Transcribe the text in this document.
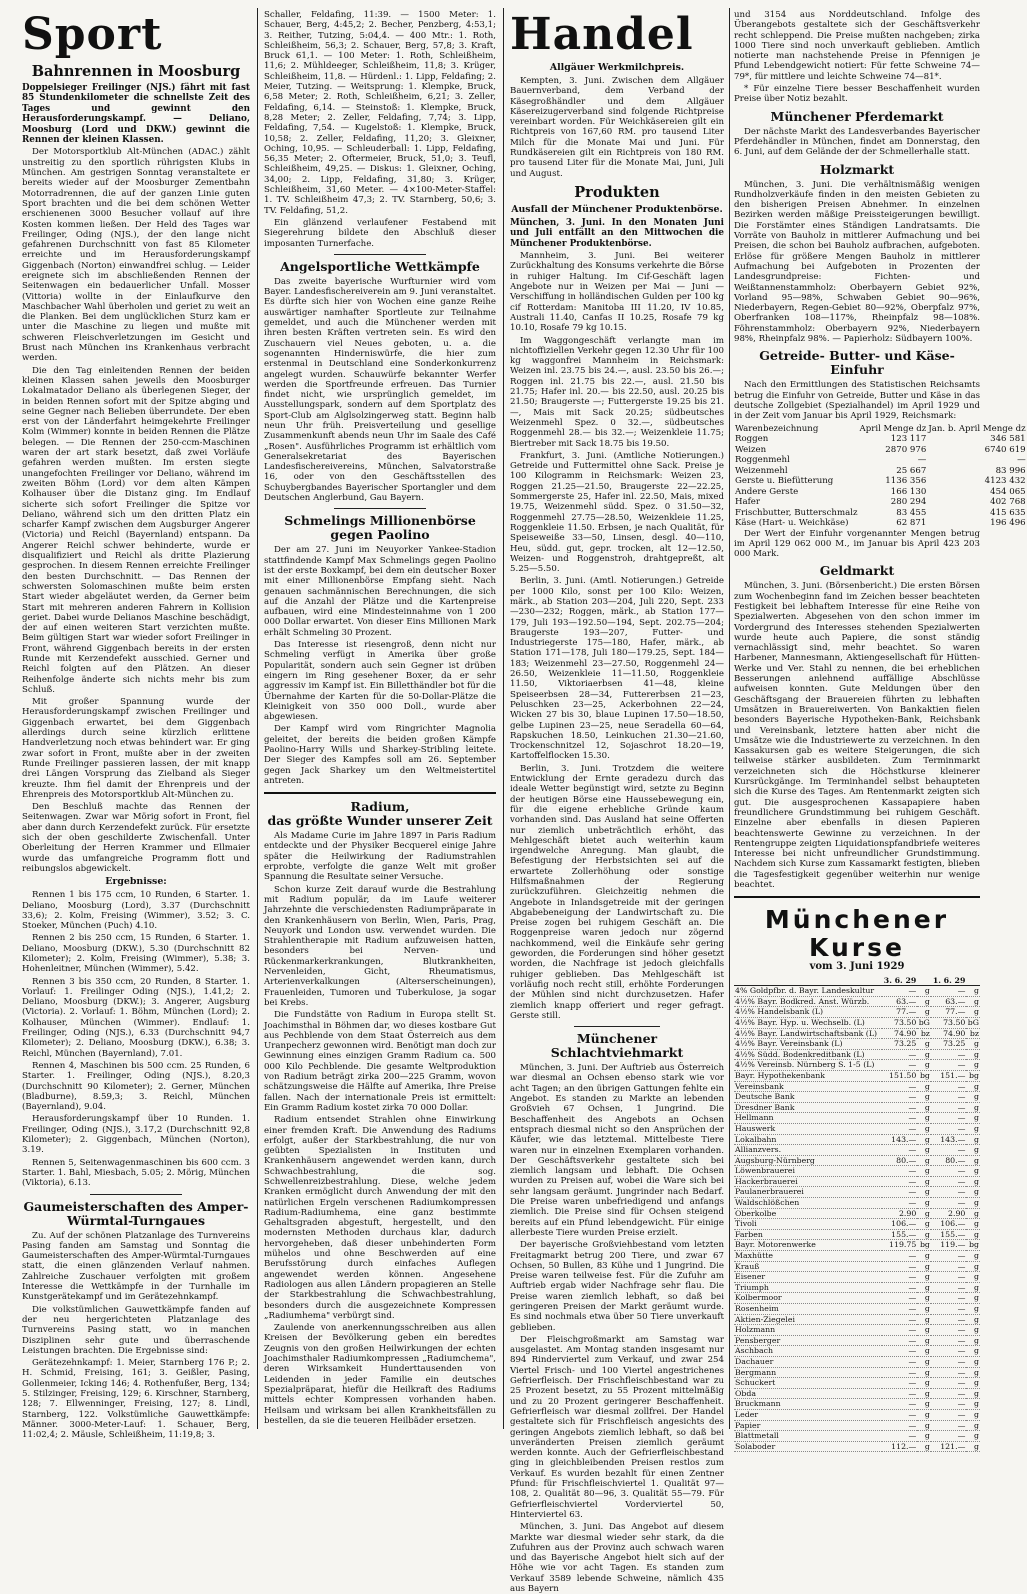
Sport
Bahnrennen in Moosburg
Doppelsieger Freilinger (NJS.) fährt mit fast 85 Stundenkilometer die schnellste Zeit des Tages und gewinnt den Herausforderungskampf. — Deliano, Moosburg (Lord und DKW.) gewinnt die Rennen der kleinen Klassen.

Der Motorsportklub Alt-München (ADAC.) zählt unstreitig zu den sportlich rührigsten Klubs in München. Am gestrigen Sonntag veranstaltete er bereits wieder auf der Moosburger Zementbahn Motorradrennen, die auf der ganzen Linie guten Sport brachten und die bei dem schönen Wetter erschienenen 3000 Besucher vollauf auf ihre Kosten kommen ließen. Der Held des Tages war Freilinger, Oding (NJS.), der den lange nicht gefahrenen Durchschnitt von fast 85 Kilometer erreichte und im Herausforderungskampf Giggenbach (Norton) einwandfrei schlug. — Leider ereignete sich im abschließenden Rennen der Seitenwagen ein bedauerlicher Unfall. Mosser (Vittoria) wollte in der Einlaufkurve den Maschbacher Wahl überholen und geriet zu weit an die Planken. Bei dem unglücklichen Sturz kam er unter die Maschine zu liegen und mußte mit schweren Fleischverletzungen im Gesicht und Brust nach München ins Krankenhaus verbracht werden.

Die den Tag einleitenden Rennen der beiden kleinen Klassen sahen jeweils den Moosburger Lokalmatador Deliano als überlegenen Sieger, der in beiden Rennen sofort mit der Spitze abging und seine Gegner nach Belieben überrundete. Der eben erst von der Länderfahrt heimgekehrte Freilinger Kolm (Wimmer) konnte in beiden Rennen die Plätze belegen. — Die Rennen der 250-ccm-Maschinen waren der art stark besetzt, daß zwei Vorläufe gefahren werden mußten. Im ersten siegte unangefochten Freilinger vor Deliano, während im zweiten Böhm (Lord) vor dem alten Kämpen Kolhauser über die Distanz ging. Im Endlauf sicherte sich sofort Freilinger die Spitze vor Deliano, während sich um den dritten Platz ein scharfer Kampf zwischen dem Augsburger Angerer (Victoria) und Reichl (Bayernland) entspann. Da Angerer Reichl schwer behinderte, wurde er disqualifiziert und Reichl als dritte Plazierung gesprochen. In diesem Rennen erreichte Freilinger den besten Durchschnitt. — Das Rennen der schwersten Solomaschinen mußte beim ersten Start wieder abgeläutet werden, da Gerner beim Start mit mehreren anderen Fahrern in Kollision geriet. Dabei wurde Delianos Maschine beschädigt, der auf einen weiteren Start verzichten mußte. Beim gültigen Start war wieder sofort Freilinger in Front, während Giggenbach bereits in der ersten Runde mit Kerzendefekt ausschied. Gerner und Reichl folgten auf den Plätzen. An dieser Reihenfolge änderte sich nichts mehr bis zum Schluß.

Mit großer Spannung wurde der Herausforderungskampf zwischen Freilinger und Giggenbach erwartet, bei dem Giggenbach allerdings durch seine kürzlich erlittene Handverletzung noch etwas behindert war. Er ging zwar sofort in Front, mußte aber in der zweiten Runde Freilinger passieren lassen, der mit knapp drei Längen Vorsprung das Zielband als Sieger kreuzte. Ihm fiel damit der Ehrenpreis und der Ehrenpreis des Motorsportklub Alt-München zu.

Den Beschluß machte das Rennen der Seitenwagen. Zwar war Mörig sofort in Front, fiel aber dann durch Kerzendefekt zurück. Für ersetzte sich der oben geschilderte Zwischenfall. Unter Oberleitung der Herren Krammer und Ellmaier wurde das umfangreiche Programm flott und reibungslos abgewickelt.

Ergebnisse:

Rennen 1 bis 175 ccm, 10 Runden, 6 Starter. 1. Deliano, Moosburg (Lord), 3.37 (Durchschnitt 33,6); 2. Kolm, Freising (Wimmer), 3.52; 3. C. Stoeker, München (Puch) 4.10.

Rennen 2 bis 250 ccm, 15 Runden, 6 Starter. 1. Deliano, Moosburg (DKW.), 5.30 (Durchschnitt 82 Kilometer); 2. Kolm, Freising (Wimmer), 5.38; 3. Hohenleitner, München (Wimmer), 5.42.

Rennen 3 bis 350 ccm, 20 Runden, 8 Starter. 1. Vorlauf: 1. Freilinger Oding (NJS.), 1.41,2; 2. Deliano, Moosburg (DKW.); 3. Angerer, Augsburg (Victoria). 2. Vorlauf: 1. Böhm, München (Lord); 2. Kolhauser, München (Wimmer). Endlauf: 1. Freilinger, Oding (NJS.), 6.33 (Durchschnitt 94,7 Kilometer); 2. Deliano, Moosburg (DKW.), 6.38; 3. Reichl, München (Bayernland), 7.01.

Rennen 4, Maschinen bis 500 ccm. 25 Runden, 6 Starter. 1. Freilinger, Oding (NJS.), 8.20,3 (Durchschnitt 90 Kilometer); 2. Gerner, München (Bladburne), 8.59,3; 3. Reichl, München (Bayernland), 9.04.

Herausforderungskampf über 10 Runden. 1. Freilinger, Oding (NJS.), 3.17,2 (Durchschnitt 92,8 Kilometer); 2. Giggenbach, München (Norton), 3.19.

Rennen 5, Seitenwagenmaschinen bis 600 ccm. 3 Starter. 1. Bahl, Miesbach, 5.05; 2. Mörig, München (Viktoria), 6.13.

Gaumeisterschaften des Amper-Würmtal-Turngaues

Zu. Auf der schönen Platzanlage des Turnvereins Pasing fanden am Samstag und Sonntag die Gaumeisterschaften des Amper-Würmtal-Turngaues statt, die einen glänzenden Verlauf nahmen. Zahlreiche Zuschauer verfolgten mit großem Interesse die Wettkämpfe in der Turnhalle im Kunstgerätekampf und im Gerätezehnkampf.

Die volkstümlichen Gauwettkämpfe fanden auf der neu hergerichteten Platzanlage des Turnvereins Pasing statt, wo in manchen Disziplinen sehr gute und überraschende Leistungen brachten. Die Ergebnisse sind:

Gerätezehnkampf: 1. Meier, Starnberg 176 P.; 2. H. Schmid, Freising, 161; 3. Geißler, Pasing, Gollenmeier, Icking 146; 4. Rothenfußer, Berg, 134; 5. Stilzinger, Freising, 129; 6. Kirschner, Starnberg, 128; 7. Ellwenninger, Freising, 127; 8. Lindl, Starnberg, 122. Volkstümliche Gauwettkämpfe: Männer. 3000-Meter-Lauf: 1. Schauer, Berg, 11:02,4; 2. Mäusle, Schleißheim, 11:19,8; 3.

Schaller, Feldafing, 11:39. — 1500 Meter: 1. Schauer, Berg, 4:45,2; 2. Becher, Penzberg, 4:53,1; 3. Reither, Tutzing, 5:04,4. — 400 Mtr.: 1. Roth, Schleißheim, 56,3; 2. Schauer, Berg, 57,8; 3. Kraft, Bruck 61,1. — 100 Meter: 1. Roth, Schleißheim, 11,6; 2. Mühldeeger, Schleißheim, 11,8; 3. Krüger, Schleißheim, 11,8. — Hürdenl.: 1. Lipp, Feldafing; 2. Meier, Tutzing. — Weitsprung: 1. Klempke, Bruck, 6,58 Meter; 2. Roth, Schleißheim, 6,21; 3. Zeller, Feldafing, 6,14. — Steinstoß: 1. Klempke, Bruck, 8,28 Meter; 2. Zeller, Feldafing, 7,74; 3. Lipp, Feldafing, 7,54. — Kugelstoß: 1. Klempke, Bruck, 10,58; 2. Zeller, Feldafing, 11,20; 3. Gleixner, Oching, 10,95. — Schleuderball: 1. Lipp, Feldafing, 56,35 Meter; 2. Oftermeier, Bruck, 51,0; 3. Teufl, Schleißheim, 49,25. — Diskus: 1. Gleixner, Oching, 34,00; 2. Lipp, Feldafing, 31,80; 3. Krüger, Schleißheim, 31,60 Meter. — 4×100-Meter-Staffel: 1. TV. Schleißheim 47,3; 2. TV. Starnberg, 50,6; 3. TV. Feldafing, 51,2.

Ein glänzend verlaufener Festabend mit Siegerehrung bildete den Abschluß dieser imposanten Turnerfache.

Angelsportliche Wettkämpfe

Das zweite bayerische Wurfturnier wird vom Bayer. Landesfischereiverein am 9. Juni veranstaltet. Es dürfte sich hier von Wochen eine ganze Reihe auswärtiger namhafter Sportleute zur Teilnahme gemeldet, und auch die Münchener werden mit ihren besten Kräften vertreten sein. Es wird den Zuschauern viel Neues geboten, u. a. die sogenannten Hinderniswürfe, die hier zum erstenmal in Deutschland eine Sonderkonkurrenz angelegt wurden. Schauwürfe bekannter Werfer werden die Sportfreunde erfreuen. Das Turnier findet nicht, wie ursprünglich gemeldet, im Ausstellungspark, sondern auf dem Sportplatz des Sport-Club am Alglsolzingerweg statt. Beginn halb neun Uhr früh. Preisverteilung und gesellige Zusammenkunft abends neun Uhr im Saale des Café „Rosen". Ausführliches Programm ist erhältlich vom Generalsekretariat des Bayerischen Landesfischereivereins, München, Salvatorstraße 16, oder von den Geschäftsstellen des Schuybergbandes Bayerischer Sportangler und dem Deutschen Anglerbund, Gau Bayern.

Schmelings Millionenbörse
gegen Paolino

Der am 27. Juni im Neuyorker Yankee-Stadion stattfindende Kampf Max Schmelings gegen Paolino ist der erste Boxkampf, bei dem ein deutscher Boxer mit einer Millionenbörse Empfang sieht. Nach genauen sachmännischen Berechnungen, die sich auf die Anzahl der Plätze und die Kartenpreise aufbauen, wird eine Mindesteinnahme von 1 200 000 Dollar erwartet. Von dieser Eins Millionen Mark erhält Schmeling 30 Prozent.

Das Interesse ist riesengroß, denn nicht nur Schmeling verfügt in Amerika über große Popularität, sondern auch sein Gegner ist drüben eingern im Ring gesehener Boxer, da er sehr aggressiv im Kampf ist. Ein Billetthändler bot für die Übernahme der Karten für die 50-Dollar-Plätze die Kleinigkeit von 350 000 Doll., wurde aber abgewiesen.

Der Kampf wird vom Ringrichter Magnolia geleitet, der bereits die beiden großen Kämpfe Paolino-Harry Wills und Sharkey-Stribling leitete. Der Sieger des Kampfes soll am 26. September gegen Jack Sharkey um den Weltmeistertitel antreten.

Radium,
das größte Wunder unserer Zeit

Als Madame Curie im Jahre 1897 in Paris Radium entdeckte und der Physiker Becquerel einige Jahre später die Heilwirkung der Radiumstrahlen erprobte, verfolgte die ganze Welt mit großer Spannung die Resultate seiner Versuche.

Schon kurze Zeit darauf wurde die Bestrahlung mit Radium populär, da im Laufe weiterer Jahrzehnte die verschiedensten Radiumpräparate in den Krankenhäusern von Berlin, Wien, Paris, Prag, Neuyork und London usw. verwendet wurden. Die Strahlentherapie mit Radium aufzuweisen hatten, besonders bei Nerven- und Rückenmarkerkrankungen, Blutkrankheiten, Nervenleiden, Gicht, Rheumatismus, Arterienverkalkungen (Alterserscheinungen), Frauenleiden, Tumoren und Tuberkulose, ja sogar bei Krebs.

Die Fundstätte von Radium in Europa stellt St. Joachimsthal in Böhmen dar, wo dieses kostbare Gut aus Pechblende von dem Staat Österreich aus dem Uranpecherz gewonnen wird. Benötigt man doch zur Gewinnung eines einzigen Gramm Radium ca. 500 000 Kilo Pechblende. Die gesamte Weltproduktion von Radium beträgt zirka 200—225 Gramm, wovon schätzungsweise die Hälfte auf Amerika, Ihre Preise fallen. Nach der internationale Preis ist ermittelt: Ein Gramm Radium kostet zirka 70 000 Dollar.

Radium entsendet Strahlen ohne Einwirkung einer fremden Kraft. Die Anwendung des Radiums erfolgt, außer der Starkbestrahlung, die nur von geübten Spezialisten in Instituten und Krankenhäusern angewendet werden kann, durch Schwachbestrahlung, die sog. Schwellenreizbestrahlung. Diese, welche jedem Kranken ermöglicht durch Anwendung der mit den natürlichen Ergeln verschenen Radiumkompressen Radium-Radiumhema, eine ganz bestimmte Gehaltsgraden abgestuft, hergestellt, und den modernsten Methoden durchaus klar, dadurch hervorgeheben, daß dieser unbehinderten Form mühelos und ohne Beschwerden auf eine Berufsstörung durch einfaches Auflegen angewendet werden können. Angesehene Radiologen aus allen Ländern propagieren an Stelle der Starkbestrahlung die Schwachbestrahlung, besonders durch die ausgezeichnete Kompressen „Radiumhema" verbürgt sind.

Zaulende von anerkennungsschreiben aus allen Kreisen der Bevölkerung geben ein beredtes Zeugnis von den großen Heilwirkungen der echten Joachimsthaler Radiumkompressen „Radiumchema", deren Wirksamkeit Hunderttausenden von Leidenden in jeder Familie ein deutsches Spezialpräparat, hiefür die Heilkraft des Radiums mittels echter Kompressen vorhanden haben. Heilsam und wirksam bei allen Krankheitsfällen zu bestellen, da sie die teueren Heilbäder ersetzen.

Handel
Allgäuer Werkmilchpreis.

Kempten, 3. Juni. Zwischen dem Allgäuer Bauernverband, dem Verband der Käsegroßhändler und dem Allgäuer Käsereizugerverband sind folgende Richtpreise vereinbart worden. Für Weichkäsereien gilt ein Richtpreis von 167,60 RM. pro tausend Liter Milch für die Monate Mai und Juni. Für Rundkäsereien gilt ein Richtpreis von 180 RM. pro tausend Liter für die Monate Mai, Juni, Juli und August.

Produkten
Ausfall der Münchener Produktenbörse.
München, 3. Juni. In den Monaten Juni und Juli entfällt an den Mittwochen die Münchener Produktenbörse.

Mannheim, 3. Juni. Bei weiterer Zurückhaltung des Konsums verkehrte die Börse in ruhiger Haltung. Im Cif-Geschäft lagen Angebote nur in Weizen per Mai — Juni — Verschiffung in holländischen Gulden per 100 kg cif Rotterdam: Manitoba III 11.20, IV 10.85, Australi 11.40, Canfas II 10.25, Rosafe 79 kg 10.10, Rosafe 79 kg 10.15.

Im Waggongeschäft verlangte man im nichtoffiziellen Verkehr gegen 12.30 Uhr für 100 kg waggonfrei Mannheim in Reichsmark: Weizen inl. 23.75 bis 24.—, ausl. 23.50 bis 26.—; Roggen inl. 21.75 bis 22.—, ausl. 21.50 bis 21.75; Hafer inl. 20.— bis 22.50, ausl. 20.25 bis 21.50; Braugerste —; Futtergerste 19.25 bis 21.—, Mais mit Sack 20.25; südbeutsches Weizenmehl Spez. 0 32.—, südbeutsches Roggenmehl 28.— bis 32.—; Weizenkleie 11.75; Biertreber mit Sack 18.75 bis 19.50.

Frankfurt, 3. Juni. (Amtliche Notierungen.) Getreide und Futtermittel ohne Sack. Preise je 100 Kilogramm in Reichsmark: Weizen 23, Roggen 21.25—21.50, Braugerste 22—22.25, Sommergerste 25, Hafer inl. 22.50, Mais, mixed 19.75, Weizenmehl südd. Spez. 0 31.50—32, Roggenmehl 27.75—28.50, Weizenkleie 11.25, Roggenkleie 11.50. Erbsen, je nach Qualität, für Speiseweiße 33—50, Linsen, desgl. 40—110, Heu, südd. gut, gepr. trocken, alt 12—12.50, Weizen- und Roggenstroh, drahtgepreßt, alt 5.25—5.50.

Berlin, 3. Juni. (Amtl. Notierungen.) Getreide per 1000 Kilo, sonst per 100 Kilo: Weizen, märk., ab Station 203—204, Juli 220, Sept. 233—230—232; Roggen, märk., ab Station 177—179, Juli 193—192.50—194, Sept. 202.75—204; Braugerste 193—207, Futter- und Industriegerste 175—180, Hafer, märk., ab Station 171—178, Juli 180—179.25, Sept. 184—183; Weizenmehl 23—27.50, Roggenmehl 24—26.50, Weizenkleie 11—11.50, Roggenkleie 11.50, Viktoriaerbsen 41—48, kleine Speiseerbsen 28—34, Futtererbsen 21—23, Peluschken 23—25, Ackerbohnen 22—24, Wicken 27 bis 30, blaue Lupinen 17.50—18.50, gelbe Lupinen 23—25, neue Seradella 60—64, Rapskuchen 18.50, Leinkuchen 21.30—21.60, Trockenschnitzel 12, Sojaschrot 18.20—19, Kartoffelflocken 15.30.

Berlin, 3. Juni. Trotzdem die weitere Entwicklung der Ernte geradezu durch das ideale Wetter begünstigt wird, setzte zu Beginn der heutigen Börse eine Haussebewegung ein, für die eigene erhebliche Gründe kaum vorhanden sind. Das Ausland hat seine Offerten nur ziemlich unbeträchtlich erhöht, das Mehlgeschäft bietet auch weiterhin kaum irgendwelche Anregung. Man glaubt, die Befestigung der Herbstsichten sei auf die erwartete Zollerhöhung oder sonstige Hilfsmaßnahmen der Regierung zurückzuführen. Gleichzeitig nehmen die Angebote in Inlandsgetreide mit der geringen Abgabebeneigung der Landwirtschaft zu. Die Preise zogen bei ruhigem Geschäft an. Die Roggenpreise waren jedoch nur zögernd nachkommend, weil die Einkäufe sehr gering geworden, die Forderungen sind höher gesetzt worden, die Nachfrage ist jedoch gleichfalls ruhiger geblieben. Das Mehlgeschäft ist vorläufig noch recht still, erhöhte Forderungen der Mühlen sind nicht durchzusetzen. Hafer ziemlich knapp offeriert und reger gefragt. Gerste still.

Münchener Schlachtviehmarkt

München, 3. Juni. Der Auftrieb aus Österreich war diesmal an Ochsen ebenso stark wie vor acht Tagen; an den übrigen Gattungen fehlte ein Angebot. Es standen zu Markte an lebenden Großvieh 67 Ochsen, 1 Jungrind. Die Beschaffenheit des Angebots an Ochsen entsprach diesmal nicht so den Ansprüchen der Käufer, wie das letztemal. Mittelbeste Tiere waren nur in einzelnen Exemplaren vorhanden. Der Geschäftsverkehr gestaltete sich bei ziemlich langsam und lebhaft. Die Ochsen wurden zu Preisen auf, wobei die Ware sich bei sehr langsam geräumt. Jungrinder nach Bedarf. Die Preise waren unbefriedigend und anfangs ziemlich. Die Preise sind für Ochsen steigend bereits auf ein Pfund lebendgewicht. Für einige allerbeste Tiere wurden Preise erzielt.

Der bayerische Großviehbestand vom letzten Freitagmarkt betrug 200 Tiere, und zwar 67 Ochsen, 50 Bullen, 83 Kühe und 1 Jungrind. Die Preise waren teilweise fest. Für die Zufuhr am Auftrieb ergab wider Nachfrage sehr flau. Die Preise waren ziemlich lebhaft, so daß bei geringeren Preisen der Markt geräumt wurde. Es sind nochmals etwa über 50 Tiere unverkauft geblieben.

Der Fleischgroßmarkt am Samstag war ausgelastet. Am Montag standen insgesamt nur 894 Rinderviertel zum Verkauf, und zwar 254 Viertel Frisch- und 100 Viertel angestrichenes Gefrierfleisch. Der Frischfleischbestand war zu 25 Prozent besetzt, zu 55 Prozent mittelmäßig und zu 20 Prozent geringerer Beschaffenheit. Gefrierfleisch war diesmal zollfrei. Der Handel gestaltete sich für Frischfleisch angesichts des geringen Angebots ziemlich lebhaft, so daß bei unveränderten Preisen ziemlich geräumt werden konnte. Auch der Gefrierfleischbestand ging in gleichbleibenden Preisen restlos zum Verkauf. Es wurden bezahlt für einen Zentner Pfund: für Frischfleischviertel 1. Qualität 97—108, 2. Qualität 80—96, 3. Qualität 55—79. Für Gefrierfleischviertel Vorderviertel 50, Hinterviertel 63.

München, 3. Juni. Das Angebot auf diesem Markte war diesmal wieder sehr stark, da die Zufuhren aus der Provinz auch schwach waren und das Bayerische Angebot hielt sich auf der Höhe wie vor acht Tagen. Es standen zum Verkauf 3589 lebende Schweine, nämlich 435 aus Bayern

und 3154 aus Norddeutschland. Infolge des Überangebots gestaltete sich der Geschäftsverkehr recht schleppend. Die Preise mußten nachgeben; zirka 1000 Tiere sind noch unverkauft geblieben. Amtlich notierte man nachstehende Preise in Pfennigen je Pfund Lebendgewicht notiert: Für fette Schweine 74—79*, für mittlere und leichte Schweine 74—81*.

* Für einzelne Tiere besser Beschaffenheit wurden Preise über Notiz bezahlt.

Münchener Pferdemarkt

Der nächste Markt des Landesverbandes Bayerischer Pferdehändler in München, findet am Donnerstag, den 6. Juni, auf dem Gelände der der Schmellerhalle statt.

Holzmarkt

München, 3. Juni. Die verhältnismäßig wenigen Rundholzverkäufe finden in den meisten Gebieten zu den bisherigen Preisen Abnehmer. In einzelnen Bezirken werden mäßige Preissteigerungen bewilligt. Die Forstämter eines Ständigen Landratsamts. Die Vorräte von Bauholz in mittlerer Aufmachung und bei Preisen, die schon bei Bauholz aufbrachen, aufgeboten. Erlöse für größere Mengen Bauholz in mittlerer Aufmachung bei Aufgeboten in Prozenten der Landesgrundpreise: Fichten- und Weißtannenstammholz: Oberbayern Gebiet 92%, Vorland 95—98%, Schwaben Gebiet 90—96%, Niederbayern, Regen-Gebiet 80—92%, Oberpfalz 97%, Oberfranken 108—117%, Rheinpfalz 98—108%. Föhrenstammholz: Oberbayern 92%, Niederbayern 98%, Rheinpfalz 98%. — Papierholz: Südbayern 100%.

Getreide- Butter- und Käse-Einfuhr

Nach den Ermittlungen des Statistischen Reichsamts betrug die Einfuhr von Getreide, Butter und Käse in das deutsche Zollgebiet (Spezialhandel) im April 1929 und in der Zeit vom Januar bis April 1929, Reichsmark:

Warenbezeichnung	April Menge dz	Jan. b. April Menge dz
Roggen	123 117	346 581
Weizen	2870 976	6740 619
Roggenmehl	—	—
Weizenmehl	25 667	83 996
Gerste u. Biefütterung	1136 356	4123 432
Andere Gerste	166 130	454 065
Hafer	280 294	402 768
Frischbutter, Butterschmalz	83 455	415 635
Käse (Hart- u. Weichkäse)	62 871	196 496

Der Wert der Einfuhr vorgenannter Mengen betrug im April 129 062 000 M., im Januar bis April 423 203 000 Mark.

Geldmarkt

München, 3. Juni. (Börsenbericht.) Die ersten Börsen zum Wochenbeginn fand im Zeichen besser beachteten Festigkeit bei lebhaftem Interesse für eine Reihe von Spezialwerten. Abgesehen von den schon immer im Vordergrund des Interesses stehenden Spezialwerten wurde heute auch Papiere, die sonst ständig vernachlässigt sind, mehr beachtet. So waren Harbener, Mannesmann, Aktiengesellschaft für Hütten-Werke und Ver. Stahl zu nennen, die bei erheblichen Besserungen anlehnend auffällige Abschlüsse aufweisen konnten. Gute Meldungen über den Geschäftsgang der Brauereien führten zu lebhaften Umsätzen in Brauereiwerten. Von Bankaktien fielen besonders Bayerische Hypotheken-Bank, Reichsbank und Vereinsbank, letztere hatten aber nicht die Umsätze wie die Industriewerte zu verzeichnen. In den Kassakursen gab es weitere Steigerungen, die sich teilweise stärker ausbildeten. Zum Terminmarkt verzeichneten sich die Höchstkurse kleinerer Kursrückgänge. Im Terminhandel selbst behaupteten sich die Kurse des Tages. Am Rentenmarkt zeigten sich gut. Die ausgesprochenen Kassapapiere haben freundlichere Grundstimmung bei ruhigem Geschäft. Einzelne aber ebenfalls in diesen Papieren beachtenswerte Gewinne zu verzeichnen. In der Rentengruppe zeigten Liquidationspfandbriefe weiteres Interesse bei nicht unfreundlicher Grundstimmung. Nachdem sich Kurse zum Kassamarkt festigten, blieben die Tagesfestigkeit gegenüber weiterhin nur wenige beachtet.

Münchener Kurse
vom 3. Juni 1929
	3. 6. 29		1. 6. 29	
4% Goldpfbr. d. Bayr. Landeskultur	—	g	—	g
4½% Bayr. Bodkred. Anst. Würzb.	63.—	g	63.—	g
4½% Handelsbank (L)	77.—	g	77.—	g
4½% Bayr. Hyp. u. Wechselb. (L)	73.50	bG	73.50	bG
4½% Bayr. Landwirtschaftsbank (L)	74.90	bz	74.90	bz
4½% Bayr. Vereinsbank (L)	73.25	g	73.25	g
4½% Südd. Bodenkreditbank (L)	—	g	—	g
4½% Vereinsb. Nürnberg S. 1-5 (L)	—	g	—	g
Bayr. Hypothekenbank	151.50	bg	151.—	bg
Vereinsbank	—	g	—	g
Deutsche Bank	—	g	—	g
Dresdner Bank	—	g	—	g
Hellmann	—	g	—	g
Hauswerk	—	g	—	g
Lokalbahn	143.—	g	143.—	g
Allianzvers.	—	g	—	g
Augsburg-Nürnberg	80.—	g	80.—	g
Löwenbrauerei	—	g	—	g
Hackerbrauerei	—	g	—	g
Paulanerbrauerei	—	g	—	g
Waldschlößchen	—	g	—	g
Oberkolbe	2.90	g	2.90	g
Tivoli	106.—	g	106.—	g
Farben	155.—	g	155.—	g
Bayr. Motorenwerke	119.75	bg	119.—	bg
Maxhütte	—	g	—	g
Krauß	—	g	—	g
Eisener	—	g	—	g
Triumph	—	g	—	g
Kolbermoor	—	g	—	g
Rosenheim	—	g	—	g
Aktien-Ziegelei	—	g	—	g
Holzmann	—	g	—	g
Pensberger	—	g	—	g
Aschbach	—	g	—	g
Dachauer	—	g	—	g
Bergmann	—	g	—	g
Schuckert	—	g	—	g
Obda	—	g	—	g
Bruckmann	—	g	—	g
Leder	—	g	—	g
Papier	—	g	—	g
Blattmetall	—	g	—	g
Solaboder	112.—	g	121.—	g
